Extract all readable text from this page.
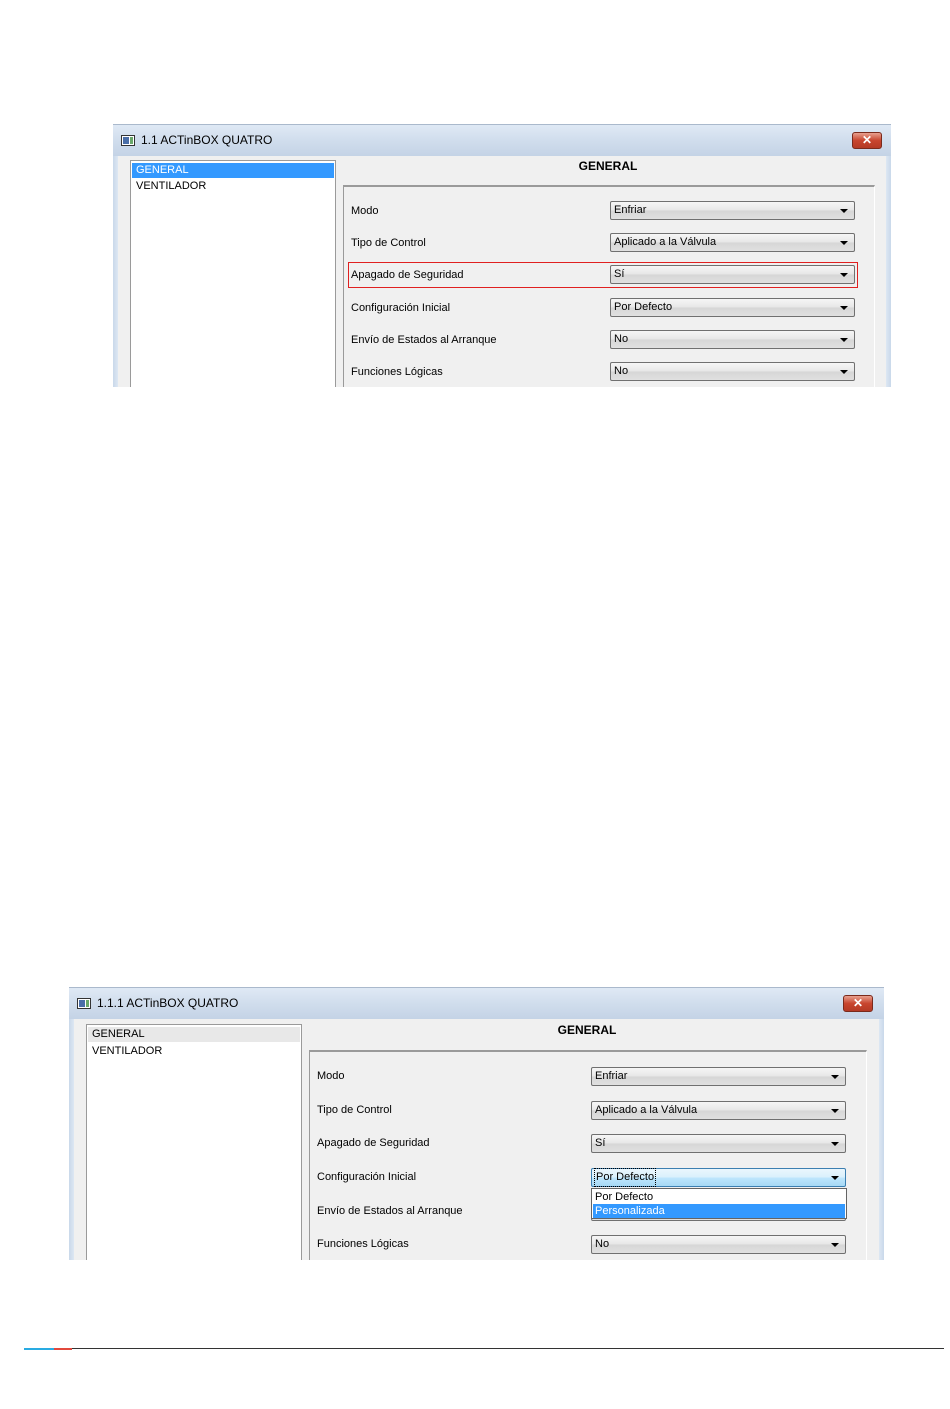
1.1 ACTinBOX QUATRO	✕
GENERAL
VENTILADOR
GENERAL
Modo	Enfriar
Tipo de Control	Aplicado a la Válvula
Apagado de Seguridad	Sí
Configuración Inicial	Por Defecto
Envío de Estados al Arranque	No
Funciones Lógicas	No
1.1.1 ACTinBOX QUATRO	✕
GENERAL
VENTILADOR
GENERAL
Modo	Enfriar
Tipo de Control	Aplicado a la Válvula
Apagado de Seguridad	Sí
Configuración Inicial	Por Defecto
Envío de Estados al Arranque
Funciones Lógicas	No
Por Defecto
Personalizada
